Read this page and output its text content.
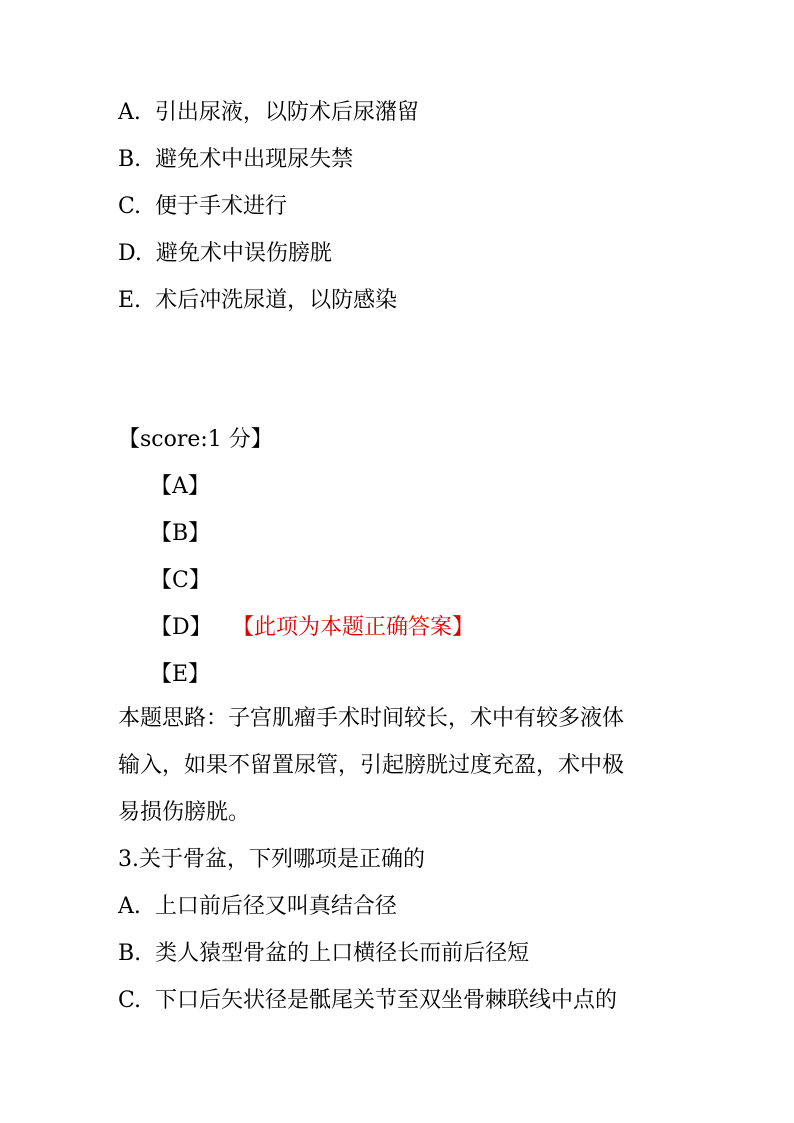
A. 引出尿液，以防术后尿潴留
B. 避免术中出现尿失禁
C. 便于手术进行
D. 避免术中误伤膀胱
E. 术后冲洗尿道，以防感染
【score:1 分】
【A】
【B】
【C】
【D】 【此项为本题正确答案】
【E】
本题思路：子宫肌瘤手术时间较长，术中有较多液体
输入，如果不留置尿管，引起膀胱过度充盈，术中极
易损伤膀胱。
3.关于骨盆，下列哪项是正确的
A. 上口前后径又叫真结合径
B. 类人猿型骨盆的上口横径长而前后径短
C. 下口后矢状径是骶尾关节至双坐骨棘联线中点的
